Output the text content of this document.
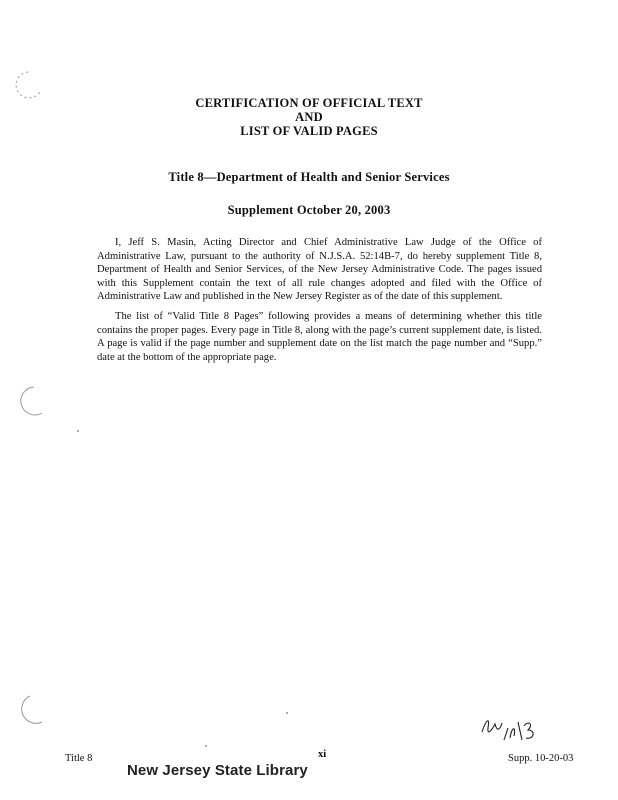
CERTIFICATION OF OFFICIAL TEXT
AND
LIST OF VALID PAGES
Title 8—Department of Health and Senior Services
Supplement October 20, 2003

I, Jeff S. Masin, Acting Director and Chief Administrative Law Judge of the Office of Administrative Law, pursuant to the authority of N.J.S.A. 52:14B-7, do hereby supplement Title 8, Department of Health and Senior Services, of the New Jersey Administrative Code. The pages issued with this Supplement contain the text of all rule changes adopted and filed with the Office of Administrative Law and published in the New Jersey Register as of the date of this supplement.

The list of “Valid Title 8 Pages” following provides a means of determining whether this title contains the proper pages. Every page in Title 8, along with the page’s current supplement date, is listed. A page is valid if the page number and supplement date on the list match the page number and “Supp.” date at the bottom of the appropriate page.

Title 8	xi	Supp. 10-20-03
New Jersey State Library
